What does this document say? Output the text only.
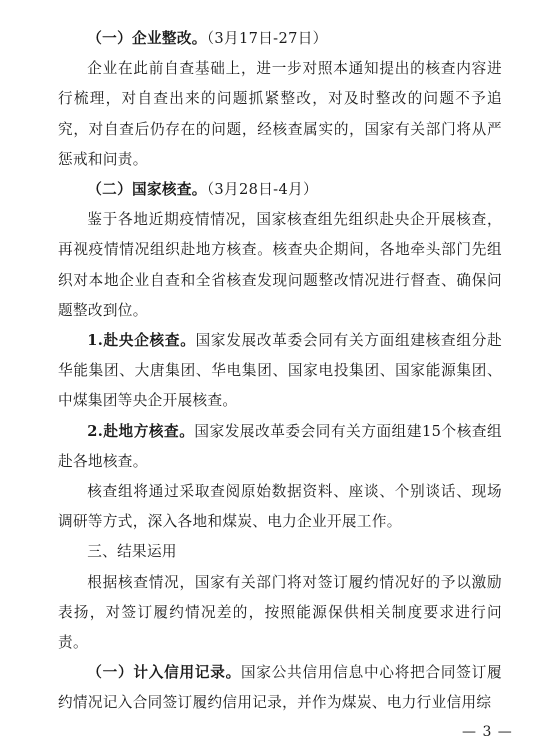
（一）企业整改。（3月17日-27日）

企业在此前自查基础上，进一步对照本通知提出的核查内容进行梳理，对自查出来的问题抓紧整改，对及时整改的问题不予追究，对自查后仍存在的问题，经核查属实的，国家有关部门将从严惩戒和问责。

（二）国家核查。（3月28日-4月）

鉴于各地近期疫情情况，国家核查组先组织赴央企开展核查，再视疫情情况组织赴地方核查。核查央企期间，各地牵头部门先组织对本地企业自查和全省核查发现问题整改情况进行督查、确保问题整改到位。

1.赴央企核查。国家发展改革委会同有关方面组建核查组分赴华能集团、大唐集团、华电集团、国家电投集团、国家能源集团、中煤集团等央企开展核查。

2.赴地方核查。国家发展改革委会同有关方面组建15个核查组赴各地核查。

核查组将通过采取查阅原始数据资料、座谈、个别谈话、现场调研等方式，深入各地和煤炭、电力企业开展工作。

三、结果运用

根据核查情况，国家有关部门将对签订履约情况好的予以激励表扬，对签订履约情况差的，按照能源保供相关制度要求进行问责。

（一）计入信用记录。国家公共信用信息中心将把合同签订履约情况记入合同签订履约信用记录，并作为煤炭、电力行业信用综

— 3 —
